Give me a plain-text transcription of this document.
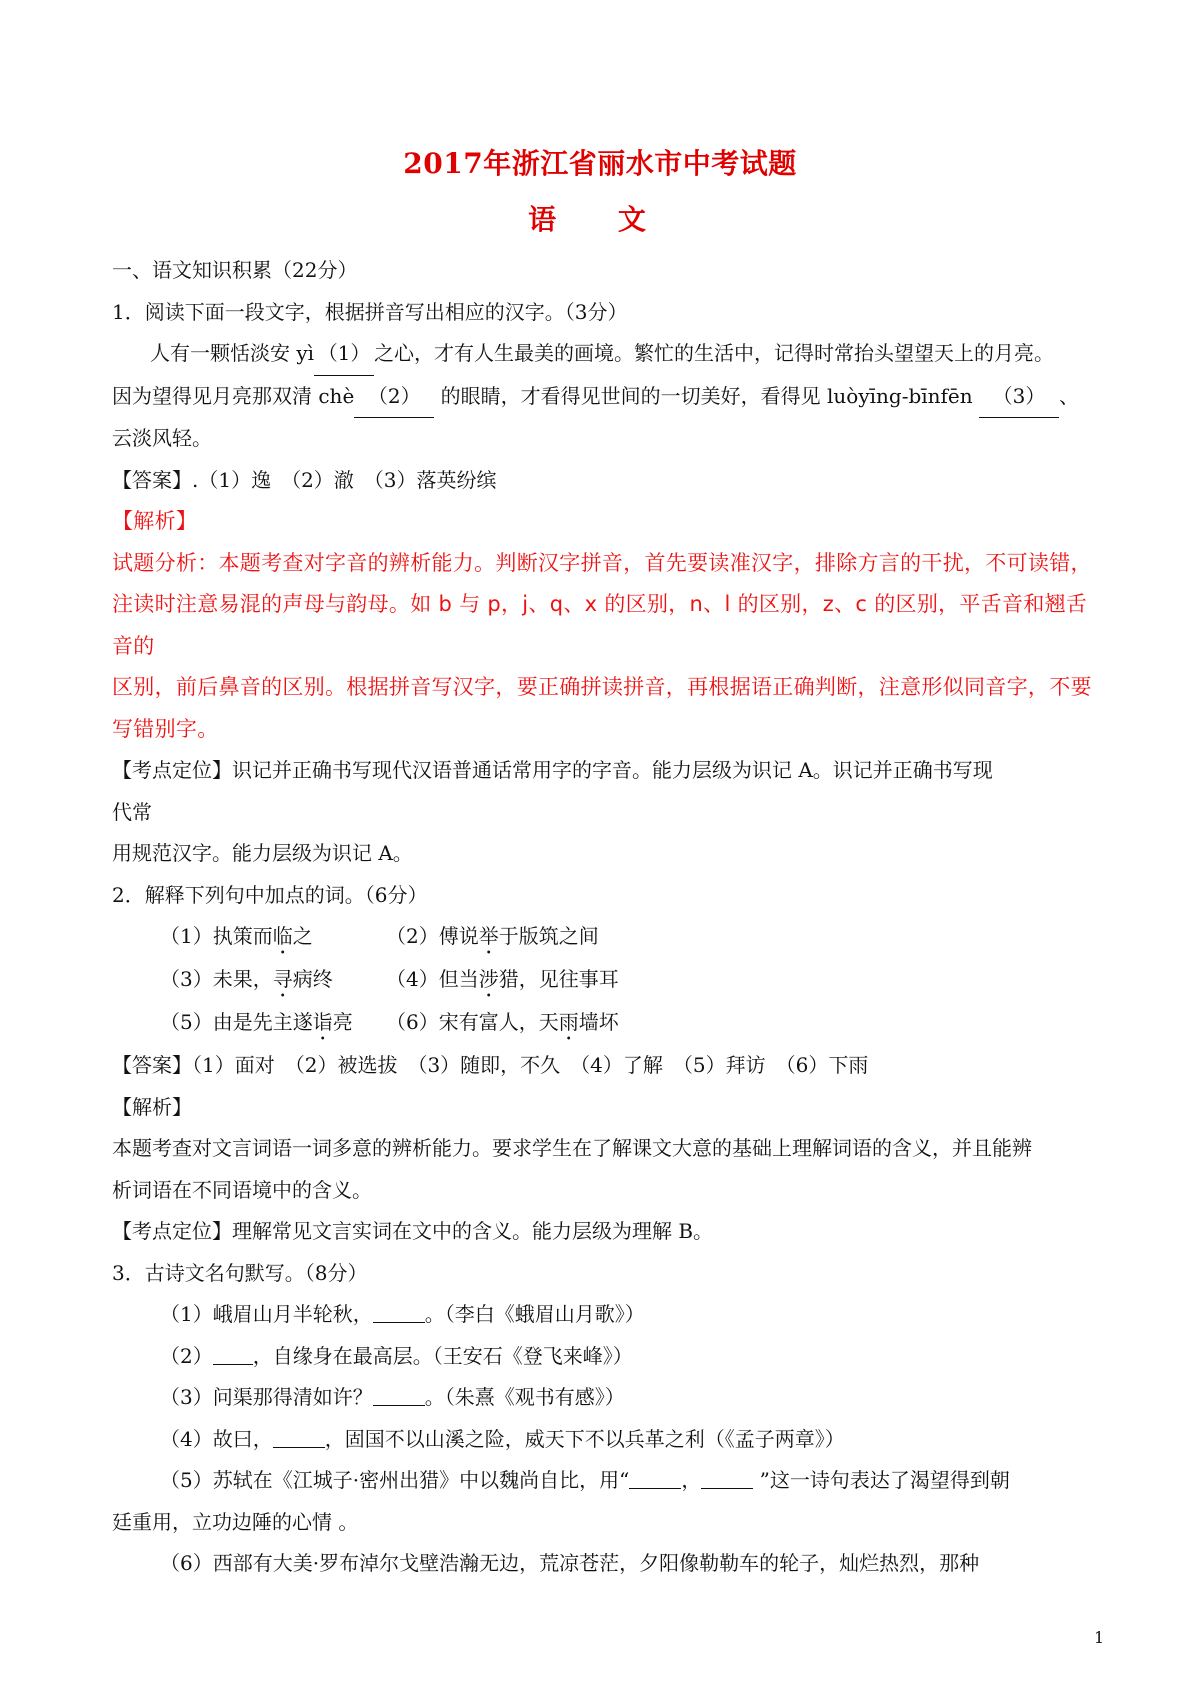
2017年浙江省丽水市中考试题
语 文

一、语文知识积累（22分）

1．阅读下面一段文字，根据拼音写出相应的汉字。（3分）

人有一颗恬淡安 yì （1） 之心，才有人生最美的画境。繁忙的生活中，记得时常抬头望望天上的月亮。

因为望得见月亮那双清 chè （2） 的眼睛，才看得见世间的一切美好，看得见 luòyīng-bīnfēn （3） 、

云淡风轻。

【答案】.（1）逸　（2）澈　（3）落英纷缤

【解析】

试题分析：本题考查对字音的辨析能力。判断汉字拼音，首先要读准汉字，排除方言的干扰，不可读错，

注读时注意易混的声母与韵母。如 b 与 p，j、q、x 的区别，n、l 的区别，z、c 的区别，平舌音和翘舌音的

区别，前后鼻音的区别。根据拼音写汉字，要正确拼读拼音，再根据语正确判断，注意形似同音字，不要

写错别字。

【考点定位】识记并正确书写现代汉语普通话常用字的字音。能力层级为识记 A。识记并正确书写现

代常

用规范汉字。能力层级为识记 A。

2．解释下列句中加点的词。（6分）

（1）执策而临之	（2）傅说举于版筑之间

（3）未果，寻病终	（4）但当涉猎，见往事耳

（5）由是先主遂诣亮 （6）宋有富人，天雨墙坏

【答案】（1）面对　（2）被选拔　（3）随即，不久　（4）了解　（5）拜访　（6）下雨

【解析】

本题考查对文言词语一词多意的辨析能力。要求学生在了解课文大意的基础上理解词语的含义，并且能辨

析词语在不同语境中的含义。

【考点定位】理解常见文言实词在文中的含义。能力层级为理解 B。

3．古诗文名句默写。（8分）

（1）峨眉山月半轮秋，	。（李白《蛾眉山月歌》）

（2） ，自缘身在最高层。（王安石《登飞来峰》）

（3）问渠那得清如许？	。（朱熹《观书有感》）

（4）故曰，	，固国不以山溪之险，威天下不以兵革之利（《孟子两章》）

（5）苏轼在《江城子·密州出猎》中以魏尚自比，用“	，	”这一诗句表达了渴望得到朝

廷重用，立功边陲的心情 。

（6）西部有大美·罗布淖尔戈壁浩瀚无边，荒凉苍茫，夕阳像勒勒车的轮子，灿烂热烈，那种

1
